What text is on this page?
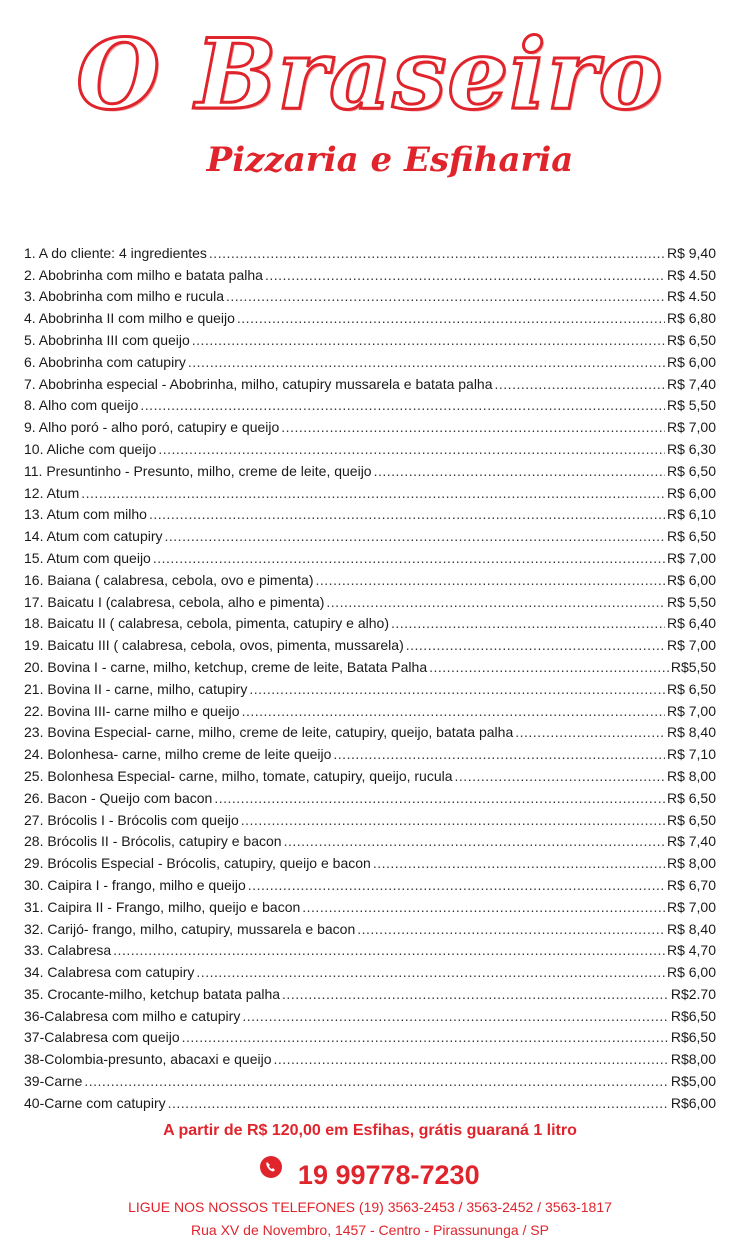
O Braseiro
Pizzaria e Esfiharia
1. A do cliente: 4 ingredientes .....	R$ 9,40
2. Abobrinha com milho e batata palha .....	R$ 4.50
3. Abobrinha com milho e rucula .....	R$ 4.50
4. Abobrinha II com milho e queijo .....	R$ 6,80
5. Abobrinha III com queijo .....	R$ 6,50
6. Abobrinha com catupiry .....	R$ 6,00
7. Abobrinha especial - Abobrinha, milho, catupiry mussarela e batata palha .....	R$ 7,40
8. Alho com queijo .....	R$ 5,50
9. Alho poró - alho poró, catupiry e queijo .....	R$ 7,00
10. Aliche com queijo .....	R$ 6,30
11. Presuntinho - Presunto, milho, creme de leite, queijo .....	R$ 6,50
12. Atum .....	R$ 6,00
13. Atum com milho .....	R$ 6,10
14. Atum com catupiry .....	R$ 6,50
15. Atum com queijo .....	R$ 7,00
16. Baiana ( calabresa, cebola, ovo e pimenta) .....	R$ 6,00
17. Baicatu I (calabresa, cebola, alho e pimenta) .....	R$ 5,50
18. Baicatu II ( calabresa, cebola, pimenta, catupiry e alho) .....	R$ 6,40
19. Baicatu III ( calabresa, cebola, ovos, pimenta, mussarela) .....	R$ 7,00
20. Bovina I - carne, milho, ketchup, creme de leite, Batata Palha .....	R$5,50
21. Bovina II - carne, milho, catupiry .....	R$ 6,50
22. Bovina III- carne milho e queijo .....	R$ 7,00
23. Bovina Especial- carne, milho, creme de leite, catupiry, queijo, batata palha .....	R$ 8,40
24. Bolonhesa- carne, milho creme de leite queijo .....	R$ 7,10
25. Bolonhesa Especial- carne, milho, tomate, catupiry, queijo, rucula .....	R$ 8,00
26. Bacon - Queijo com bacon .....	R$ 6,50
27. Brócolis I - Brócolis com queijo .....	R$ 6,50
28. Brócolis II - Brócolis, catupiry e bacon .....	R$ 7,40
29. Brócolis Especial - Brócolis, catupiry, queijo e bacon .....	R$ 8,00
30. Caipira I - frango, milho e queijo .....	R$ 6,70
31. Caipira II - Frango, milho, queijo e bacon .....	R$ 7,00
32. Carijó- frango, milho, catupiry, mussarela e bacon .....	R$ 8,40
33. Calabresa .....	R$ 4,70
34. Calabresa com catupiry .....	R$ 6,00
35. Crocante-milho, ketchup batata palha .....	R$2.70
36-Calabresa com milho e catupiry .....	R$6,50
37-Calabresa com queijo .....	R$6,50
38-Colombia-presunto, abacaxi e queijo .....	R$8,00
39-Carne .....	R$5,00
40-Carne com catupiry .....	R$6,00
A partir de R$ 120,00 em Esfihas, grátis guaraná 1 litro
19 99778-7230
LIGUE NOS NOSSOS TELEFONES (19) 3563-2453 / 3563-2452 / 3563-1817
Rua XV de Novembro, 1457 - Centro - Pirassununga / SP
